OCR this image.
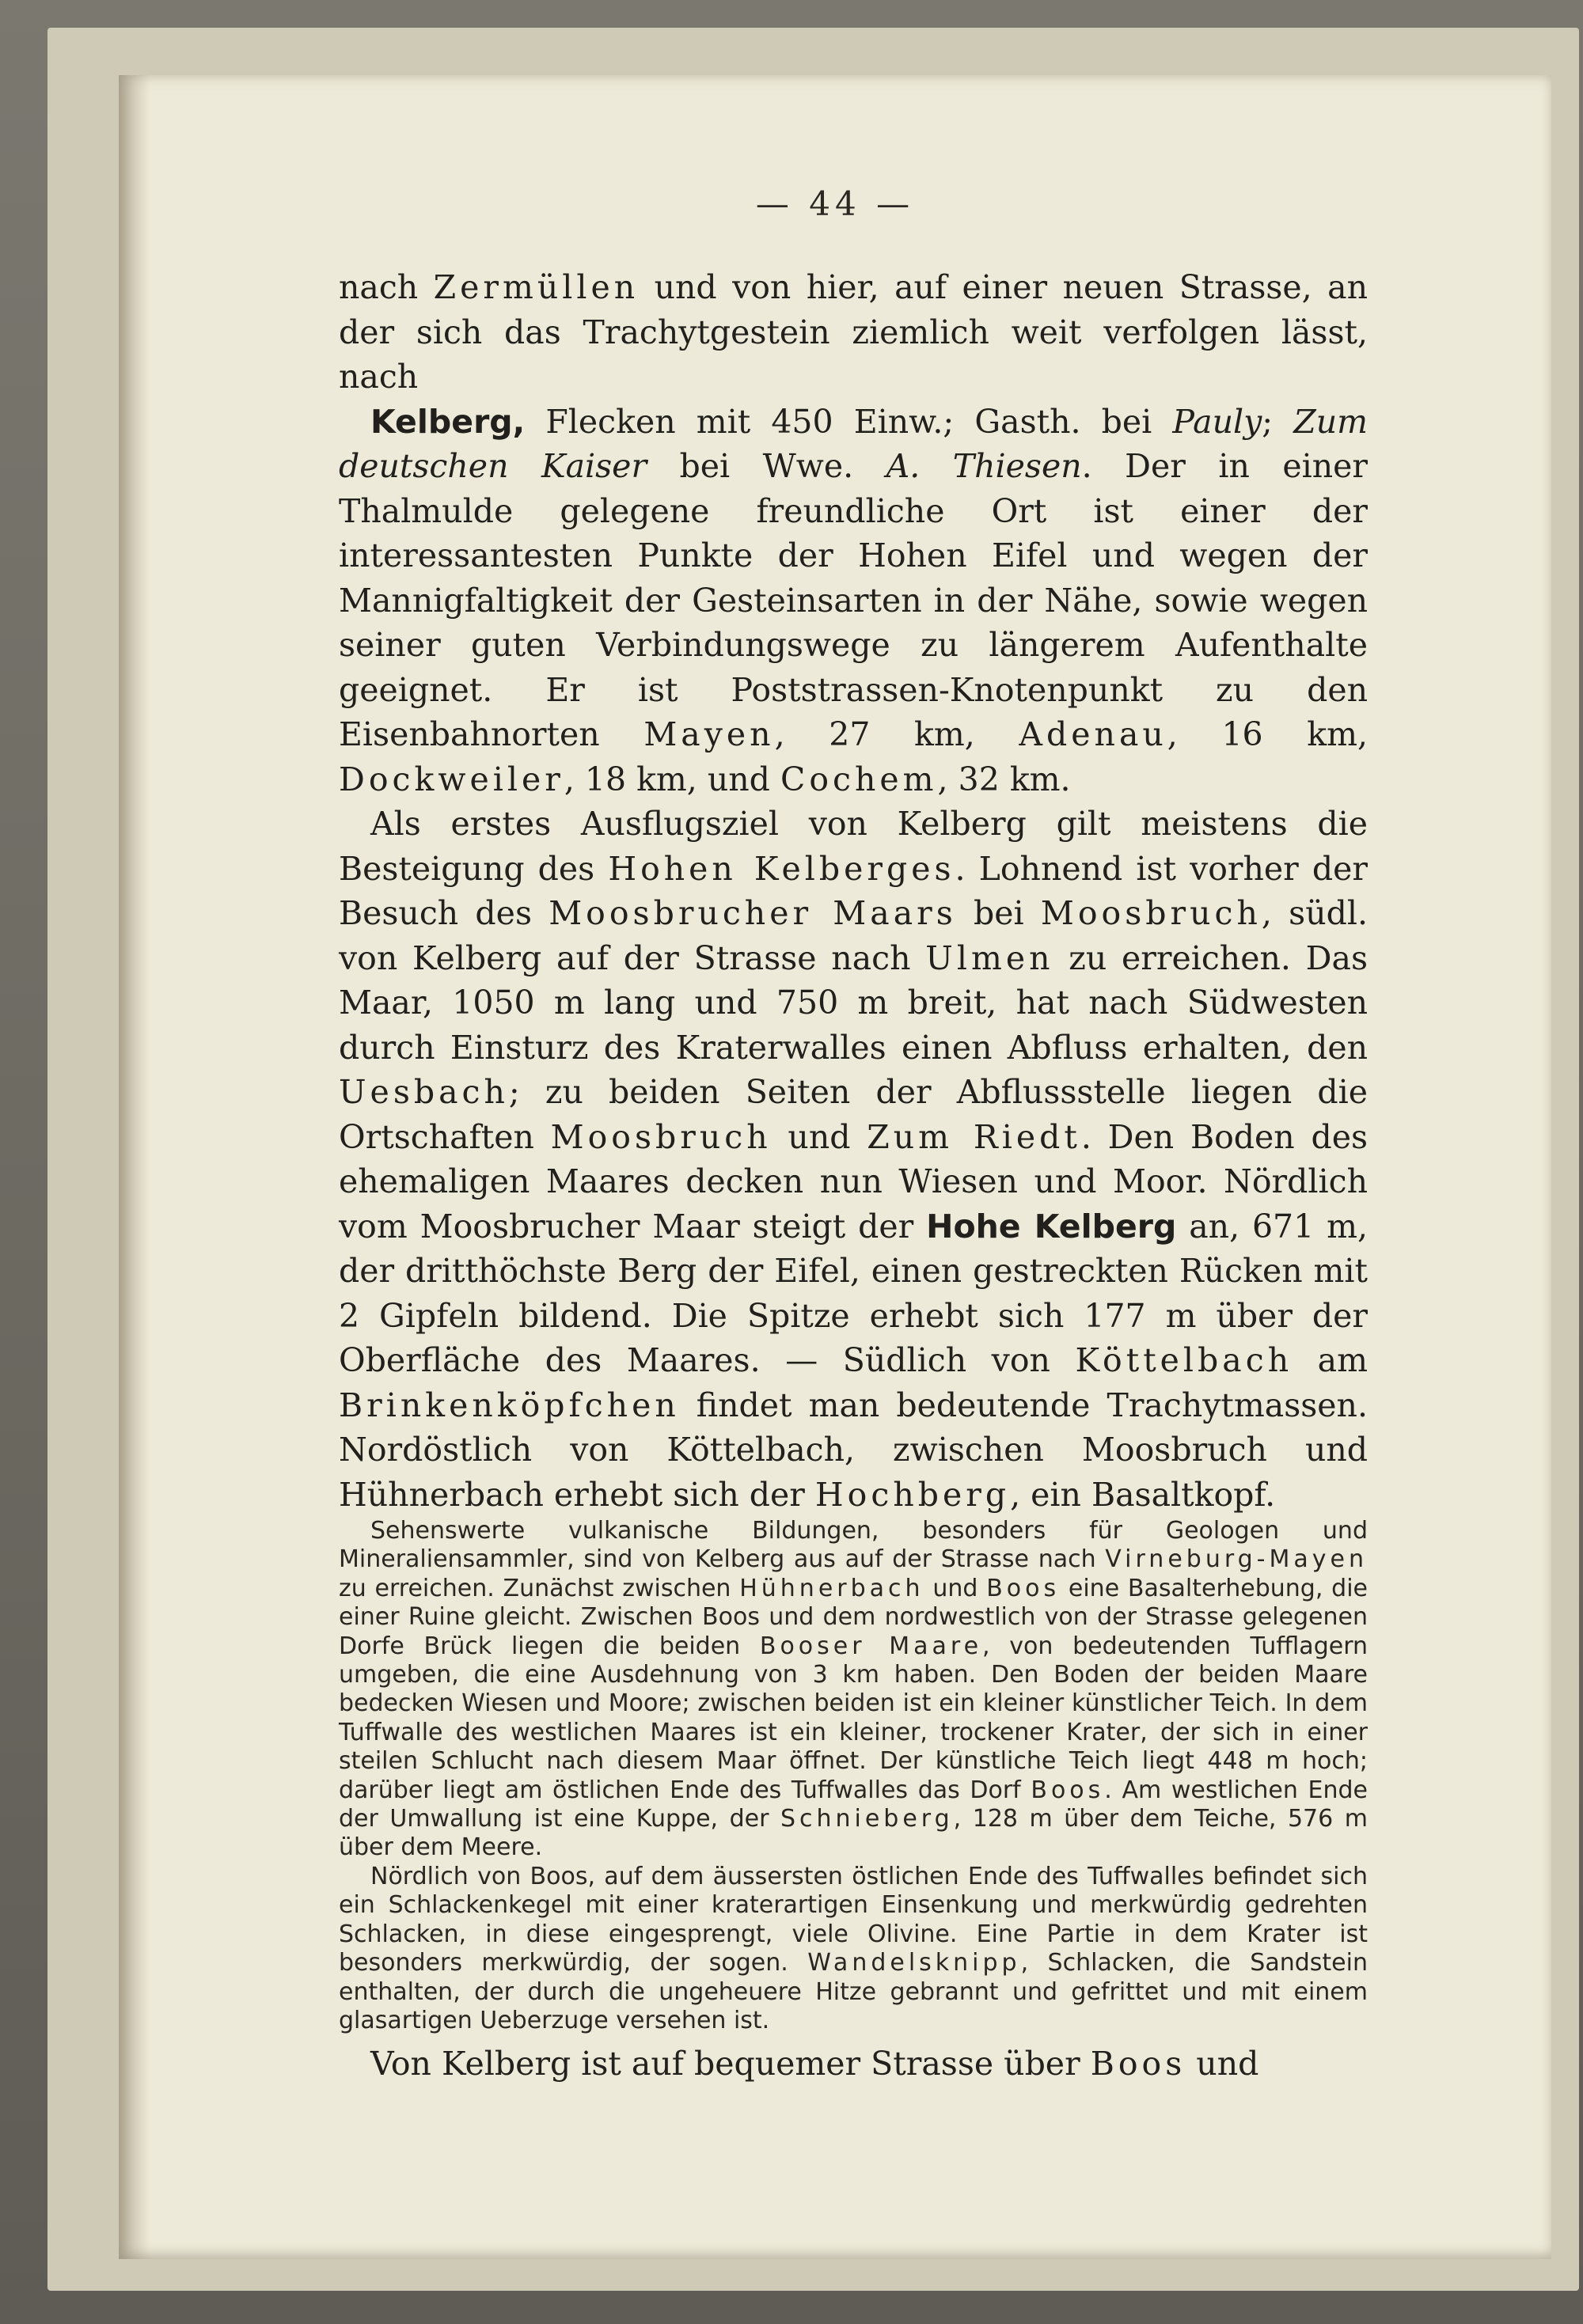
— 44 —

nach Zermüllen und von hier, auf einer neuen Strasse, an der sich das Trachytgestein ziemlich weit verfolgen lässt, nach

Kelberg, Flecken mit 450 Einw.; Gasth. bei Pauly; Zum deutschen Kaiser bei Wwe. A. Thiesen. Der in einer Thalmulde gelegene freundliche Ort ist einer der interessantesten Punkte der Hohen Eifel und wegen der Mannigfaltigkeit der Gesteinsarten in der Nähe, sowie wegen seiner guten Verbindungswege zu längerem Aufenthalte geeignet. Er ist Poststrassen-Knotenpunkt zu den Eisenbahnorten Mayen, 27 km, Adenau, 16 km, Dockweiler, 18 km, und Cochem, 32 km.

Als erstes Ausflugsziel von Kelberg gilt meistens die Besteigung des Hohen Kelberges. Lohnend ist vorher der Besuch des Moosbrucher Maars bei Moosbruch, südl. von Kelberg auf der Strasse nach Ulmen zu erreichen. Das Maar, 1050 m lang und 750 m breit, hat nach Südwesten durch Einsturz des Kraterwalles einen Abfluss erhalten, den Uesbach; zu beiden Seiten der Abflussstelle liegen die Ortschaften Moosbruch und Zum Riedt. Den Boden des ehemaligen Maares decken nun Wiesen und Moor. Nördlich vom Moosbrucher Maar steigt der Hohe Kelberg an, 671 m, der dritthöchste Berg der Eifel, einen gestreckten Rücken mit 2 Gipfeln bildend. Die Spitze erhebt sich 177 m über der Oberfläche des Maares. — Südlich von Köttelbach am Brinkenköpfchen findet man bedeutende Trachytmassen. Nordöstlich von Köttelbach, zwischen Moosbruch und Hühnerbach erhebt sich der Hochberg, ein Basaltkopf.

Sehenswerte vulkanische Bildungen, besonders für Geologen und Mineraliensammler, sind von Kelberg aus auf der Strasse nach Virneburg-Mayen zu erreichen. Zunächst zwischen Hühnerbach und Boos eine Basalterhebung, die einer Ruine gleicht. Zwischen Boos und dem nordwestlich von der Strasse gelegenen Dorfe Brück liegen die beiden Booser Maare, von bedeutenden Tufflagern umgeben, die eine Ausdehnung von 3 km haben. Den Boden der beiden Maare bedecken Wiesen und Moore; zwischen beiden ist ein kleiner künstlicher Teich. In dem Tuffwalle des westlichen Maares ist ein kleiner, trockener Krater, der sich in einer steilen Schlucht nach diesem Maar öffnet. Der künstliche Teich liegt 448 m hoch; darüber liegt am östlichen Ende des Tuffwalles das Dorf Boos. Am westlichen Ende der Umwallung ist eine Kuppe, der Schnieberg, 128 m über dem Teiche, 576 m über dem Meere.

Nördlich von Boos, auf dem äussersten östlichen Ende des Tuffwalles befindet sich ein Schlackenkegel mit einer kraterartigen Einsenkung und merkwürdig gedrehten Schlacken, in diese eingesprengt, viele Olivine. Eine Partie in dem Krater ist besonders merkwürdig, der sogen. Wandelsknipp, Schlacken, die Sandstein enthalten, der durch die ungeheuere Hitze gebrannt und gefrittet und mit einem glasartigen Ueberzuge versehen ist.

Von Kelberg ist auf bequemer Strasse über Boos und
